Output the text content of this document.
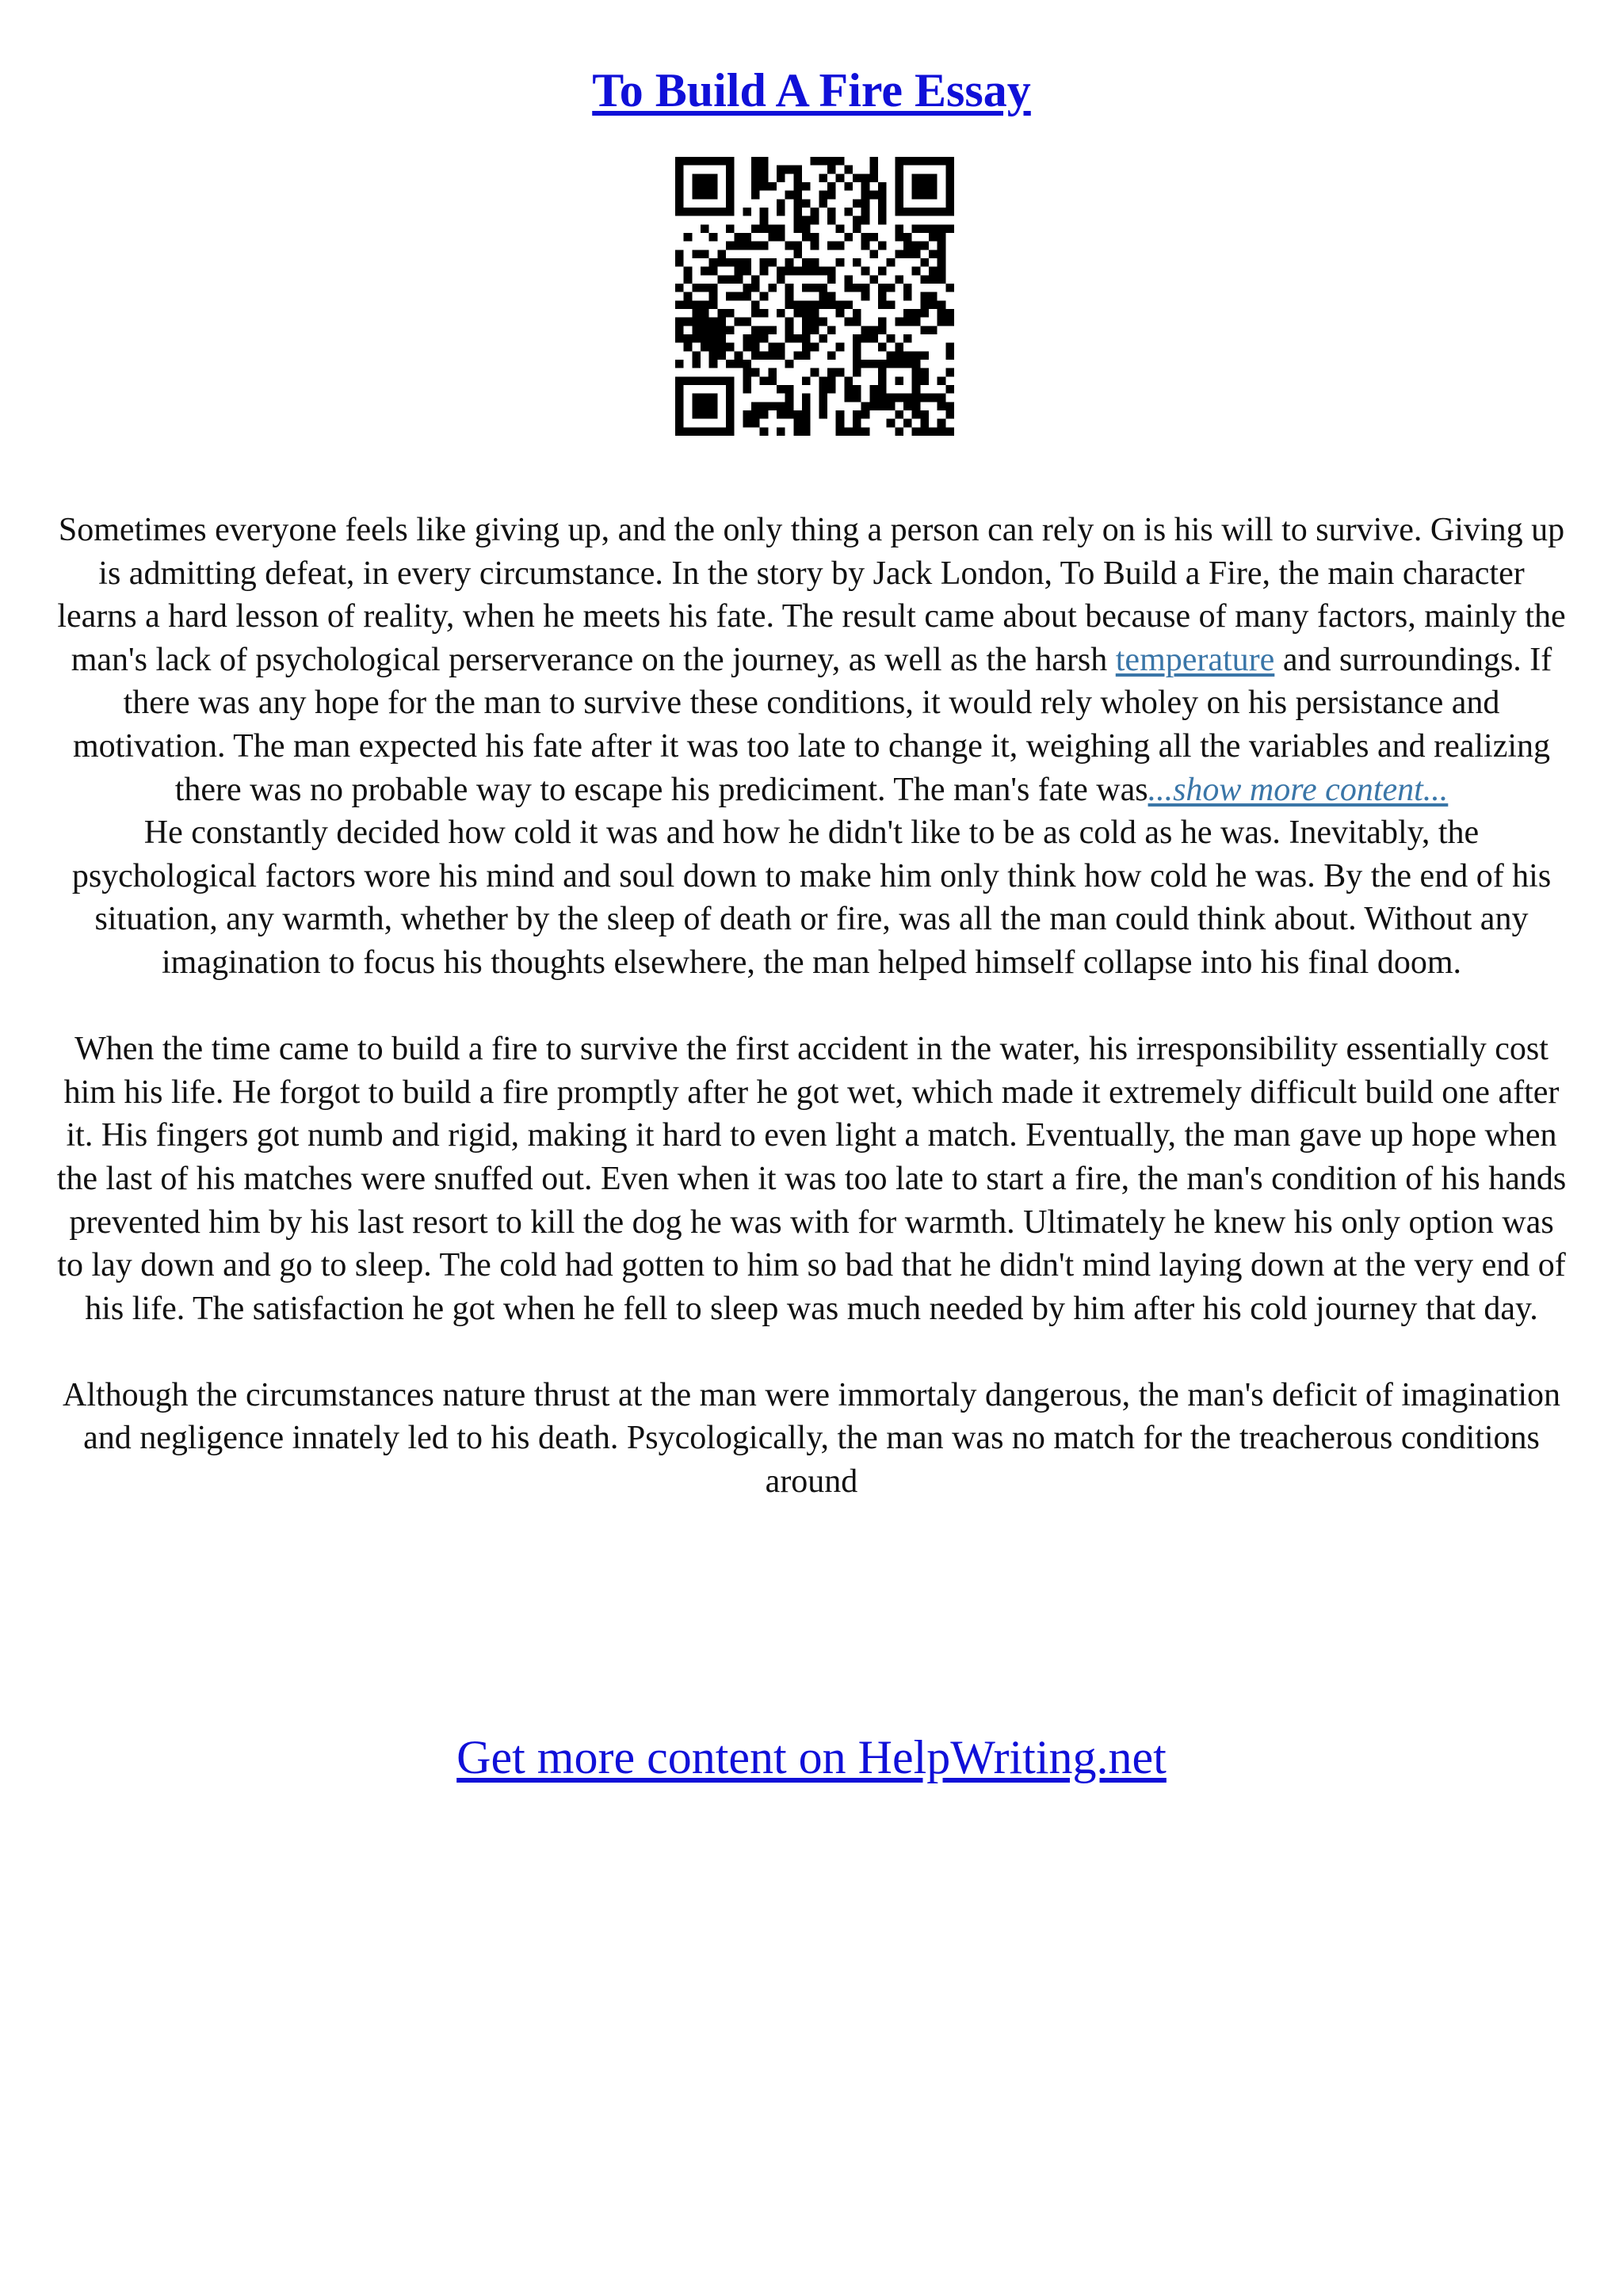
To Build A Fire Essay

Sometimes everyone feels like giving up, and the only thing a person can rely on is his will to survive. Giving up is admitting defeat, in every circumstance. In the story by Jack London, To Build a Fire, the main character learns a hard lesson of reality, when he meets his fate. The result came about because of many factors, mainly the man's lack of psychological perserverance on the journey, as well as the harsh temperature and surroundings. If there was any hope for the man to survive these conditions, it would rely wholey on his persistance and motivation. The man expected his fate after it was too late to change it, weighing all the variables and realizing there was no probable way to escape his prediciment. The man's fate was...show more content...

He constantly decided how cold it was and how he didn't like to be as cold as he was. Inevitably, the psychological factors wore his mind and soul down to make him only think how cold he was. By the end of his situation, any warmth, whether by the sleep of death or fire, was all the man could think about. Without any imagination to focus his thoughts elsewhere, the man helped himself collapse into his final doom.

When the time came to build a fire to survive the first accident in the water, his irresponsibility essentially cost him his life. He forgot to build a fire promptly after he got wet, which made it extremely difficult build one after it. His fingers got numb and rigid, making it hard to even light a match. Eventually, the man gave up hope when the last of his matches were snuffed out. Even when it was too late to start a fire, the man's condition of his hands prevented him by his last resort to kill the dog he was with for warmth. Ultimately he knew his only option was to lay down and go to sleep. The cold had gotten to him so bad that he didn't mind laying down at the very end of his life. The satisfaction he got when he fell to sleep was much needed by him after his cold journey that day.

Although the circumstances nature thrust at the man were immortaly dangerous, the man's deficit of imagination and negligence innately led to his death. Psycologically, the man was no match for the treacherous conditions around

Get more content on HelpWriting.net
